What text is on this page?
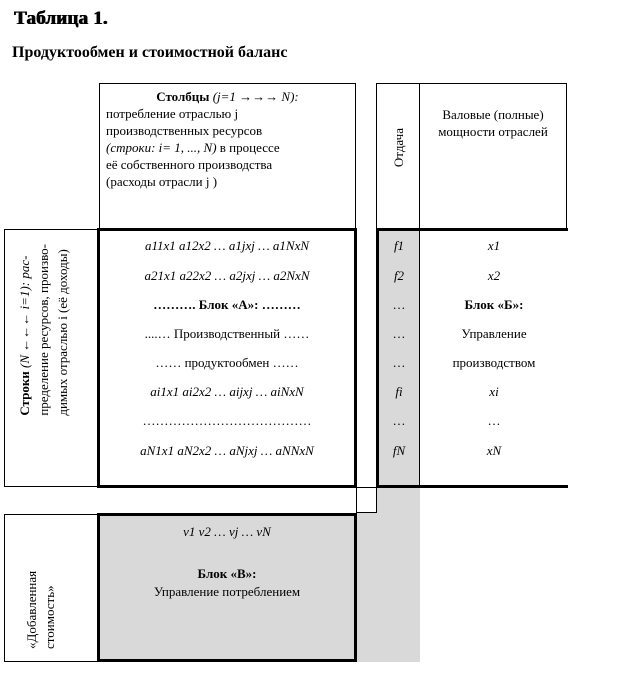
Таблица 1.
Продуктообмен и стоимостной баланс
Столбцы (j=1 →→→ N):
потребление отраслью j
производственных ресурсов
(строки: i= 1, ..., N) в процессе
её собственного производства
(расходы отрасли j )
Отдача
Валовые (полные) мощности отраслей
Строки (N ←←← i=1): рас- пределение ресурсов, произво- димых отраслью i (её доходы)
a11x1 a12x2 … a1jxj … a1NxN
a21x1 a22x2 … a2jxj … a2NxN
………. Блок «А»: ………
....… Производственный ……
…… продуктообмен ……
ai1x1 ai2x2 … aijxj … aiNxN
…………………………………
aN1x1 aN2x2 … aNjxj … aNNxN
f1
f2
…
…
…
fi
…
fN
x1
x2
Блок «Б»:
Управление
производством
xi
…
xN
«Добавленная стоимость»
v1 v2 … vj … vN
Блок «В»:
Управление потреблением
